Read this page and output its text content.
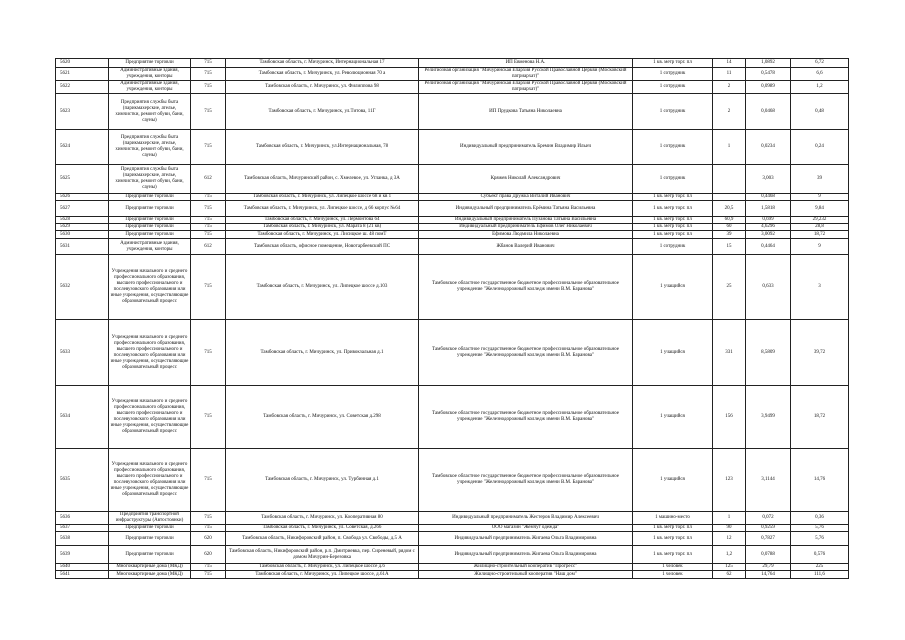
5620	Предприятие торговли	715	Тамбовская область, г. Мичуринск, Интернациональная 17	ИП Евменова Н.А.	1 кв. метр торг. пл	14	1,0892	6,72
5621	Административные здания, учреждения, конторы	715	Тамбовская область, г. Мичуринск, ул. Революционная 70 а	Религиозная организация "Мичуринская Епархия Русской Православной Церкви (Московский патриархат)"	1 сотрудник	11	0,5478	6,6
5622	Административные здания, учреждения, конторы	715	Тамбовская область, г. Мичуринск, ул. Филиппова 98	Религиозная организация "Мичуринская Епархия Русской Православной Церкви (Московский патриархат)"	1 сотрудник	2	0,0989	1,2
5623	Предприятия службы быта (парикмахерские, ателье, химчистки, ремонт обуви, бани, сауны)	715	Тамбовская область, г. Мичуринск, ул.Титова, 11Г	ИП Прудкова Татьяна Николаевна	1 сотрудник	2	0,0468	0,48
5624	Предприятия службы быта (парикмахерские, ателье, химчистки, ремонт обуви, бани, сауны)	715	Тамбовская область, г. Мичуринск, ул.Интернациональная, 78	Индивидуальный предприниматель Бремин Владимир Ильич	1 сотрудник	1	0,0234	0,24
5625	Предприятия службы быта (парикмахерские, ателье, химчистки, ремонт обуви, бани, сауны)	612	Тамбовская область, Мичуринский район, с. Хмелевое, ул. Угланка, д 3А	Кряжев Николай Александрович	1 сотрудник		3,003	39
5626	Предприятие торговли	715	Тамбовская область, г. Мичуринск, ул. Липецкое шоссе 68 и кв 1	Субъект права Дружка Виталий Иванович	1 кв. метр торг. пл		0,4468	9
5627	Предприятие торговли	715	Тамбовская область, г. Мичуринск, ул. Липецкое шоссе, д 66 корпус №64	Индивидуальный предприниматель Ерёмина Татьяна Васильевна	1 кв. метр торг. пл	20,5	1,5818	9,84
5628	Предприятие торговли	715	Тамбовская область, г. Мичуринск, ул. Лермонтова 64	Индивидуальный предприниматель Пузанова Татьяна Васильевна	1 кв. метр торг. пл	60,9	0,699	29,232
5629	Предприятие торговли	715	Тамбовская область, г. Мичуринск, ул. Марата 8 (21 кв)	Индивидуальный предприниматель Ефимов Олег Николаевич	1 кв. метр торг. пл	60	4,6296	28,8
5630	Предприятие торговли	715	Тамбовская область, г. Мичуринск, ул. Лисицкое ш. 48 помТ	Ефимова Людмила Николаевна	1 кв. метр торг. пл	39	3,0092	18,72
5631	Административные здания, учреждения, конторы	612	Тамбовская область, офисное помещение, Новотарбеевский ПС	Жбанов Валерий Иванович	1 сотрудник	15	0,4464	9
5632	Учреждения начального и среднего профессионального образования, высшего профессионального и послевузовского образования или иные учреждения, осуществляющие образовательный процесс	715	Тамбовская область, г. Мичуринск, ул. Липецкое шоссе д.103	Тамбовское областное государственное бюджетное профессиональное образовательное учреждение "Железнодорожный колледж имени В.М. Баранова"	1 учащийся	25	0,633	3
5633	Учреждения начального и среднего профессионального образования, высшего профессионального и послевузовского образования или иные учреждения, осуществляющие образовательный процесс	715	Тамбовская область, г. Мичуринск, ул. Привокзальная д.1	Тамбовское областное государственное бюджетное профессиональное образовательное учреждение "Железнодорожный колледж имени В.М. Баранова"	1 учащийся	331	8,5809	39,72
5634	Учреждения начального и среднего профессионального образования, высшего профессионального и послевузовского образования или иные учреждения, осуществляющие образовательный процесс	715	Тамбовская область, г. Мичуринск, ул. Советская д.298	Тамбовское областное государственное бюджетное профессиональное образовательное учреждение "Железнодорожный колледж имени В.М. Баранова"	1 учащийся	156	3,9499	18,72
5635	Учреждения начального и среднего профессионального образования, высшего профессионального и послевузовского образования или иные учреждения, осуществляющие образовательный процесс	715	Тамбовская область, г. Мичуринск, ул. Турбинная д.1	Тамбовское областное государственное бюджетное профессиональное образовательное учреждение "Железнодорожный колледж имени В.М. Баранова"	1 учащийся	123	3,1144	14,76
5636	Предприятия транспортной инфраструктуры (Автостоянки)	715	Тамбовская область, г. Мичуринск, ул. Кооперативная 80	Индивидуальный предприниматель Жестеров Владимир Алексеевич	1 машино-место	1	0,072	0,36
5637	Предприятие торговли	715	Тамбовская область, г. Мичуринск, ул. Советская, д.266	ООО магазин "Жемчуг одежда"	1 кв. метр торг. пл	90	0,9259	5,76
5638	Предприятие торговли	620	Тамбовская область, Никифоровский район, п. Свобода ул. Свободы, д.5 А	Индивидуальный предприниматель Жигаева Ольга Владимировна	1 кв. метр торг. пл	12	0,7827	5,76
5639	Предприятие торговли	620	Тамбовская область, Никифоровский район, р.п. Дмитриевка, пер. Сиреневый, рядом с домом Мичурин-Березовка	Индивидуальный предприниматель Жигаева Ольга Владимировна	1 кв. метр торг. пл	1,2	0,0788	0,576
5640	Многоквартирные дома (МКД)	715	Тамбовская область, г. Мичуринск, ул. Липецкое шоссе д.6	Жилищно-строительный кооператив "Прогресс"	1 человек	125	29,79	225
5641	Многоквартирные дома (МКД)	715	Тамбовская область, г. Мичуринск, ул. Липецкое шоссе, д.61А	Жилищно-строительный кооператив "Наш дом"	1 человек	62	14,764	111,6
